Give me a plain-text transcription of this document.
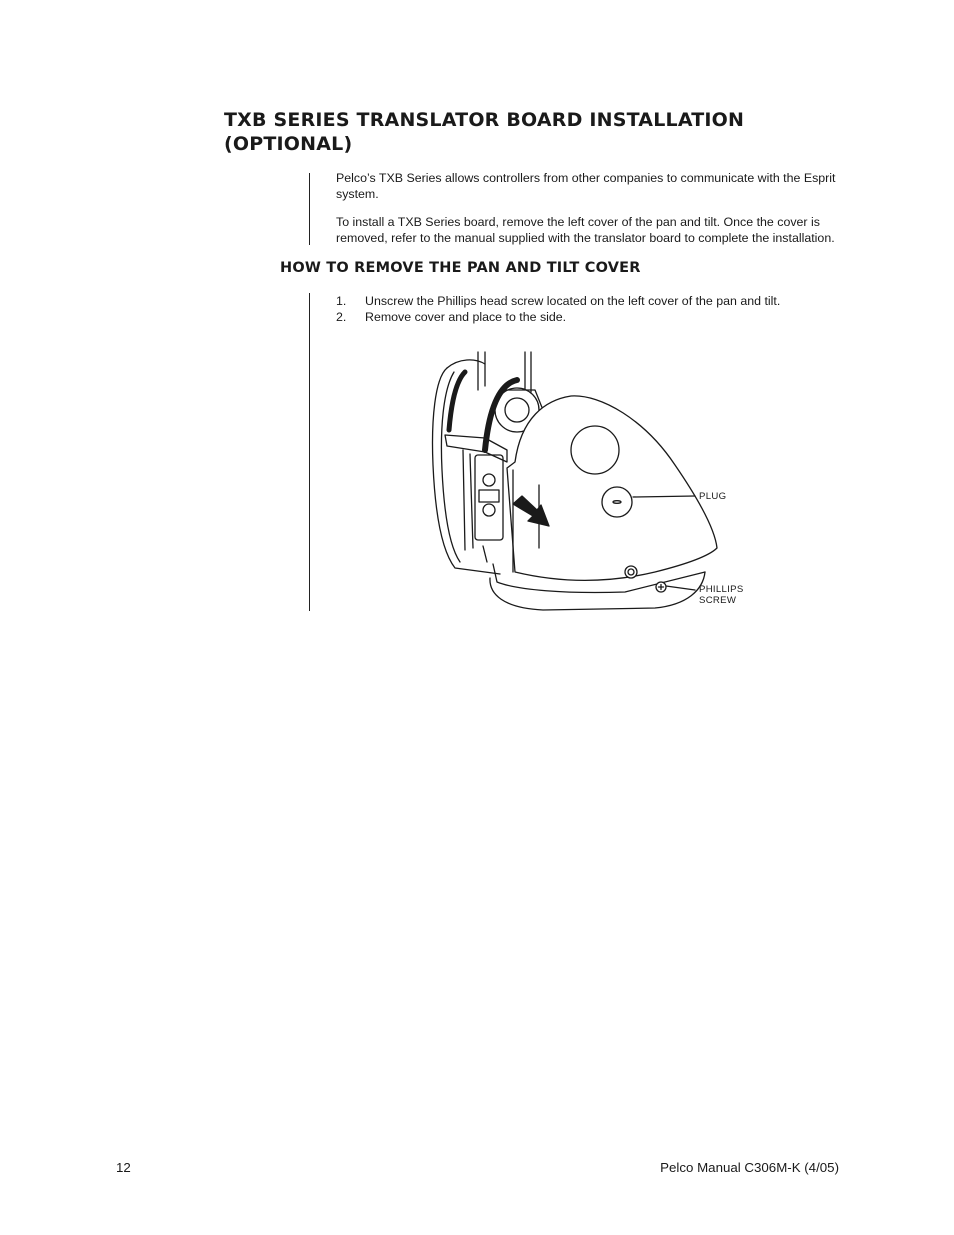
TXB SERIES TRANSLATOR BOARD INSTALLATION
(OPTIONAL)

Pelco’s TXB Series allows controllers from other companies to communicate with the Esprit system.

To install a TXB Series board, remove the left cover of the pan and tilt. Once the cover is removed, refer to the manual supplied with the translator board to complete the installation.

HOW TO REMOVE THE PAN AND TILT COVER
1.	Unscrew the Phillips head screw located on the left cover of the pan and tilt.
2.	Remove cover and place to the side.
PLUG
PHILLIPS
SCREW
12	Pelco Manual C306M-K (4/05)
